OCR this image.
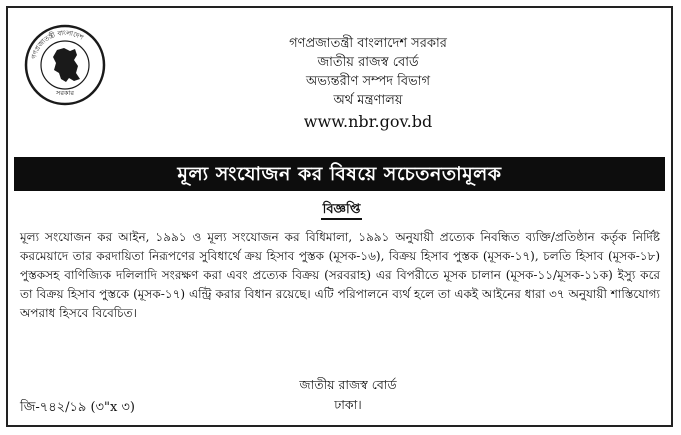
গণপ্রজাতন্ত্রী বাংলাদেশ
সরকার
গণপ্রজাতন্ত্রী বাংলাদেশ সরকার
জাতীয় রাজস্ব বোর্ড
অভ্যন্তরীণ সম্পদ বিভাগ
অর্থ মন্ত্রণালয়
www.nbr.gov.bd
মূল্য সংযোজন কর বিষয়ে সচেতনতামূলক
বিজ্ঞপ্তি
মূল্য সংযোজন কর আইন, ১৯৯১ ও মূল্য সংযোজন কর বিধিমালা, ১৯৯১ অনুযায়ী প্রত্যেক নিবন্ধিত ব্যক্তি/প্রতিষ্ঠান কর্তৃক নির্দিষ্ট করমেয়াদে তার করদায়িতা নিরূপণের সুবিধার্থে ক্রয় হিসাব পুস্তক (মূসক-১৬), বিক্রয় হিসাব পুস্তক (মূসক-১৭), চলতি হিসাব (মূসক-১৮) পুস্তকসহ বাণিজ্যিক দলিলাদি সংরক্ষণ করা এবং প্রত্যেক বিক্রয় (সরবরাহ) এর বিপরীতে মূসক চালান (মূসক-১১/মূসক-১১ক) ইস্যু করে তা বিক্রয় হিসাব পুস্তকে (মূসক-১৭) এন্ট্রি করার বিধান রয়েছে। এটি পরিপালনে ব্যর্থ হলে তা একই আইনের ধারা ৩৭ অনুযায়ী শাস্তিযোগ্য অপরাধ হিসবে বিবেচিত।
জাতীয় রাজস্ব বোর্ড
ঢাকা।
জি-৭৪২/১৯ (৩"x ৩)
